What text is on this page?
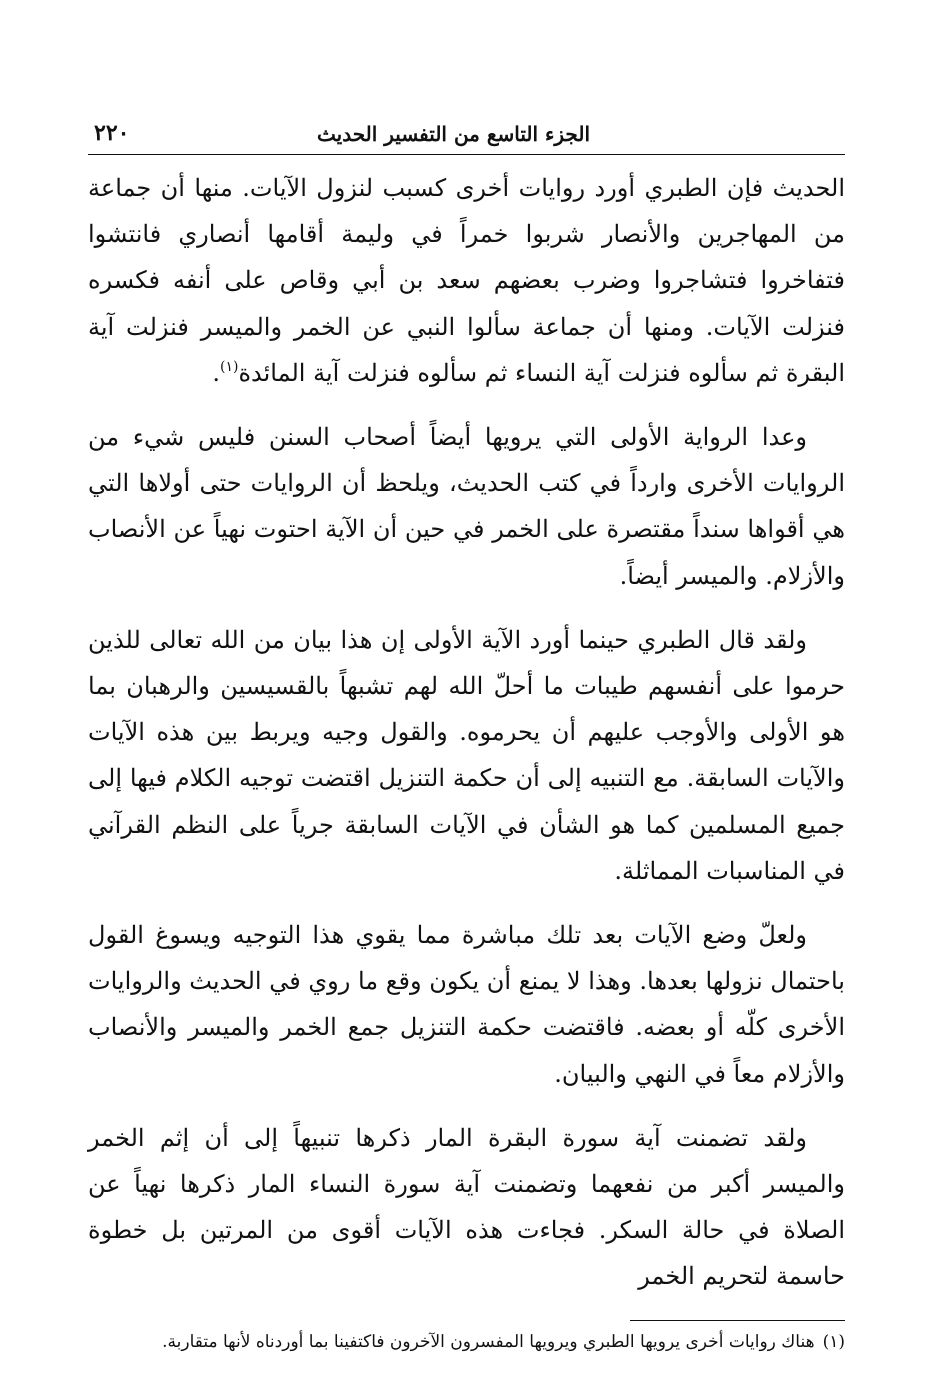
الجزء التاسع من التفسير الحديث
٢٢٠

الحديث فإن الطبري أورد روايات أخرى كسبب لنزول الآيات. منها أن جماعة من المهاجرين والأنصار شربوا خمراً في وليمة أقامها أنصاري فانتشوا فتفاخروا فتشاجروا وضرب بعضهم سعد بن أبي وقاص على أنفه فكسره فنزلت الآيات. ومنها أن جماعة سألوا النبي عن الخمر والميسر فنزلت آية البقرة ثم سألوه فنزلت آية النساء ثم سألوه فنزلت آية المائدة$^{(١)}$.

وعدا الرواية الأولى التي يرويها أيضاً أصحاب السنن فليس شيء من الروايات الأخرى وارداً في كتب الحديث، ويلحظ أن الروايات حتى أولاها التي هي أقواها سنداً مقتصرة على الخمر في حين أن الآية احتوت نهياً عن الأنصاب والأزلام. والميسر أيضاً.

ولقد قال الطبري حينما أورد الآية الأولى إن هذا بيان من الله تعالى للذين حرموا على أنفسهم طيبات ما أحلّ الله لهم تشبهاً بالقسيسين والرهبان بما هو الأولى والأوجب عليهم أن يحرموه. والقول وجيه ويربط بين هذه الآيات والآيات السابقة. مع التنبيه إلى أن حكمة التنزيل اقتضت توجيه الكلام فيها إلى جميع المسلمين كما هو الشأن في الآيات السابقة جرياً على النظم القرآني في المناسبات المماثلة.

ولعلّ وضع الآيات بعد تلك مباشرة مما يقوي هذا التوجيه ويسوغ القول باحتمال نزولها بعدها. وهذا لا يمنع أن يكون وقع ما روي في الحديث والروايات الأخرى كلّه أو بعضه. فاقتضت حكمة التنزيل جمع الخمر والميسر والأنصاب والأزلام معاً في النهي والبيان.

ولقد تضمنت آية سورة البقرة المار ذكرها تنبيهاً إلى أن إثم الخمر والميسر أكبر من نفعهما وتضمنت آية سورة النساء المار ذكرها نهياً عن الصلاة في حالة السكر. فجاءت هذه الآيات أقوى من المرتين بل خطوة حاسمة لتحريم الخمر

(١)هناك روايات أخرى يرويها الطبري ويرويها المفسرون الآخرون فاكتفينا بما أوردناه لأنها متقاربة.
